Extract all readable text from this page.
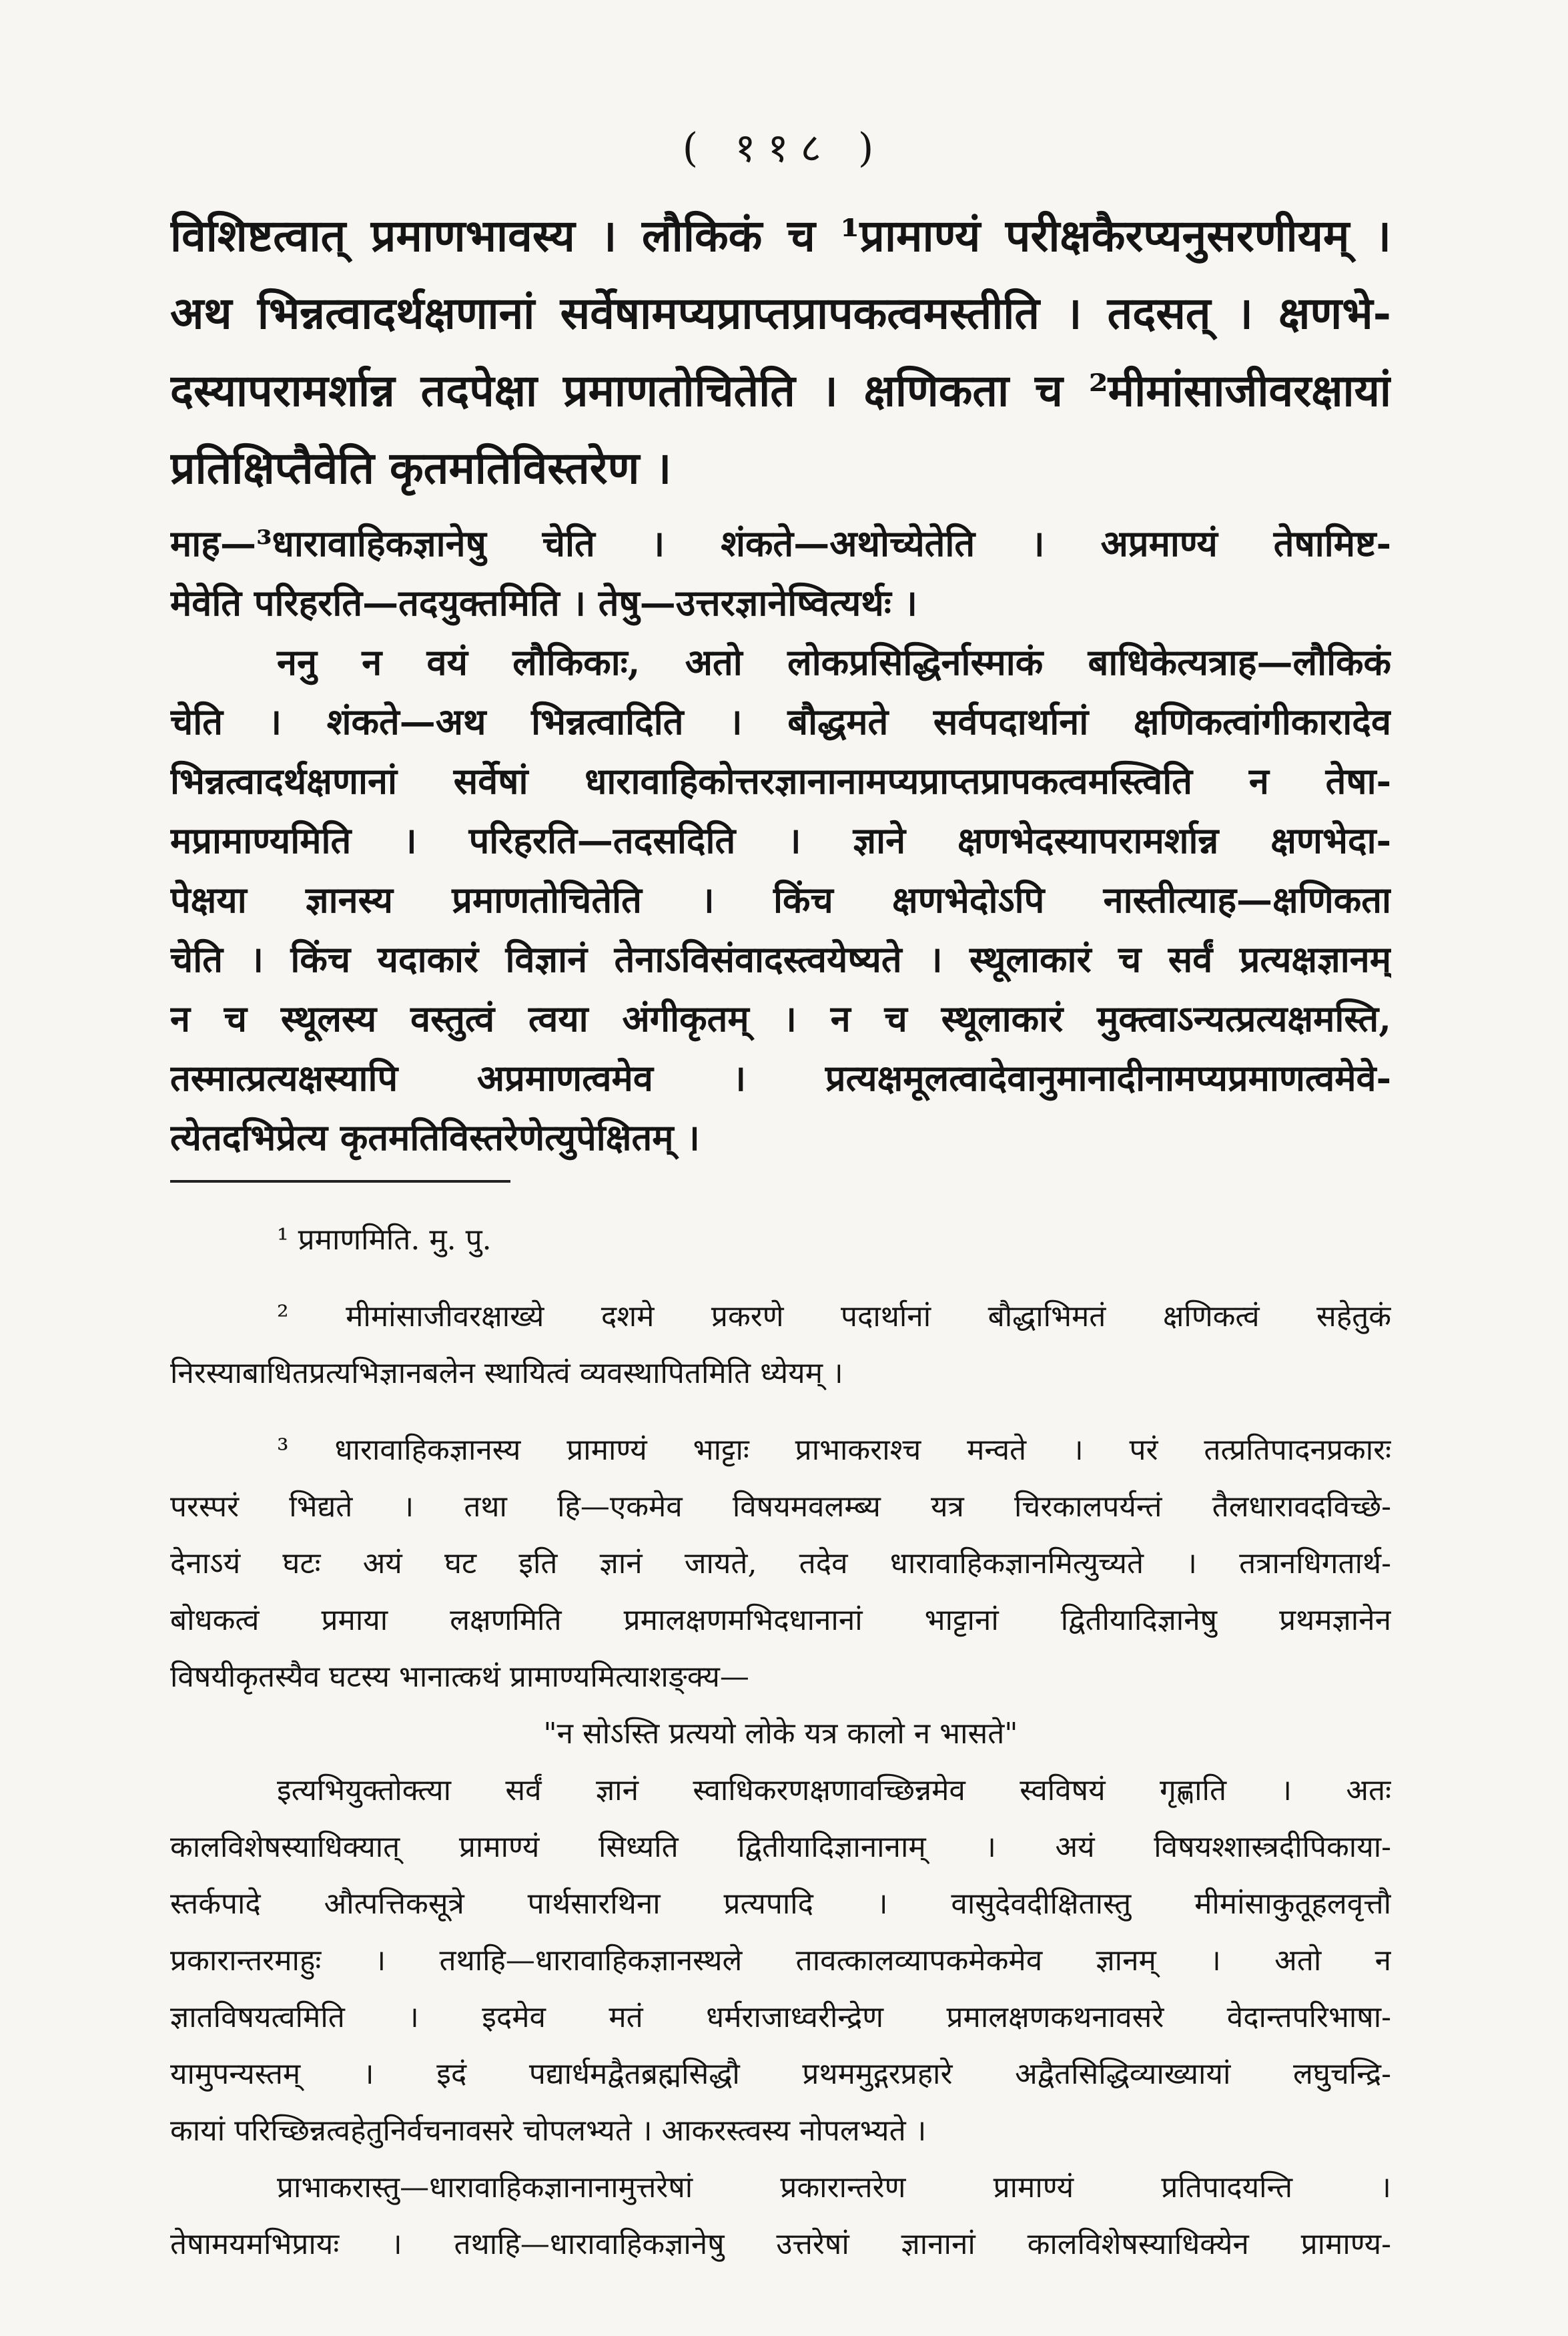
( ११८ )
विशिष्टत्वात् प्रमाणभावस्य । लौकिकं च ¹प्रामाण्यं परीक्षकैरप्यनुसरणीयम् ।
अथ भिन्नत्वादर्थक्षणानां सर्वेषामप्यप्राप्तप्रापकत्वमस्तीति । तदसत् । क्षणभे-
दस्यापरामर्शान्न तदपेक्षा प्रमाणतोचितेति । क्षणिकता च ²मीमांसाजीवरक्षायां
प्रतिक्षिप्तैवेति कृतमतिविस्तरेण ।
माह—³धारावाहिकज्ञानेषु चेति । शंकते—अथोच्येतेति । अप्रमाण्यं तेषामिष्ट-
मेवेति परिहरति—तदयुक्तमिति । तेषु—उत्तरज्ञानेष्वित्यर्थः ।
ननु न वयं लौकिकाः, अतो लोकप्रसिद्धिर्नास्माकं बाधिकेत्यत्राह—लौकिकं
चेति । शंकते—अथ भिन्नत्वादिति । बौद्धमते सर्वपदार्थानां क्षणिकत्वांगीकारादेव
भिन्नत्वादर्थक्षणानां सर्वेषां धारावाहिकोत्तरज्ञानानामप्यप्राप्तप्रापकत्वमस्त्विति न तेषा-
मप्रामाण्यमिति । परिहरति—तदसदिति । ज्ञाने क्षणभेदस्यापरामर्शान्न क्षणभेदा-
पेक्षया ज्ञानस्य प्रमाणतोचितेति । किंच क्षणभेदोऽपि नास्तीत्याह—क्षणिकता
चेति । किंच यदाकारं विज्ञानं तेनाऽविसंवादस्त्वयेष्यते । स्थूलाकारं च सर्वं प्रत्यक्षज्ञानम्
न च स्थूलस्य वस्तुत्वं त्वया अंगीकृतम् । न च स्थूलाकारं मुक्त्वाऽन्यत्प्रत्यक्षमस्ति,
तस्मात्प्रत्यक्षस्यापि अप्रमाणत्वमेव । प्रत्यक्षमूलत्वादेवानुमानादीनामप्यप्रमाणत्वमेवे-
त्येतदभिप्रेत्य कृतमतिविस्तरेणेत्युपेक्षितम् ।
¹ प्रमाणमिति. मु. पु.
² मीमांसाजीवरक्षाख्ये दशमे प्रकरणे पदार्थानां बौद्धाभिमतं क्षणिकत्वं सहेतुकं
निरस्याबाधितप्रत्यभिज्ञानबलेन स्थायित्वं व्यवस्थापितमिति ध्येयम् ।
³ धारावाहिकज्ञानस्य प्रामाण्यं भाट्टाः प्राभाकराश्च मन्वते । परं तत्प्रतिपादनप्रकारः
परस्परं भिद्यते । तथा हि—एकमेव विषयमवलम्ब्य यत्र चिरकालपर्यन्तं तैलधारावदविच्छे-
देनाऽयं घटः अयं घट इति ज्ञानं जायते, तदेव धारावाहिकज्ञानमित्युच्यते । तत्रानधिगतार्थ-
बोधकत्वं प्रमाया लक्षणमिति प्रमालक्षणमभिदधानानां भाट्टानां द्वितीयादिज्ञानेषु प्रथमज्ञानेन
विषयीकृतस्यैव घटस्य भानात्कथं प्रामाण्यमित्याशङ्क्य—
"न सोऽस्ति प्रत्ययो लोके यत्र कालो न भासते"
इत्यभियुक्तोक्त्या सर्वं ज्ञानं स्वाधिकरणक्षणावच्छिन्नमेव स्वविषयं गृह्णाति । अतः
कालविशेषस्याधिक्यात् प्रामाण्यं सिध्यति द्वितीयादिज्ञानानाम् । अयं विषयश्शास्त्रदीपिकाया-
स्तर्कपादे औत्पत्तिकसूत्रे पार्थसारथिना प्रत्यपादि । वासुदेवदीक्षितास्तु मीमांसाकुतूहलवृत्तौ
प्रकारान्तरमाहुः । तथाहि—धारावाहिकज्ञानस्थले तावत्कालव्यापकमेकमेव ज्ञानम् । अतो न
ज्ञातविषयत्वमिति । इदमेव मतं धर्मराजाध्वरीन्द्रेण प्रमालक्षणकथनावसरे वेदान्तपरिभाषा-
यामुपन्यस्तम् । इदं पद्यार्धमद्वैतब्रह्मसिद्धौ प्रथममुद्गरप्रहारे अद्वैतसिद्धिव्याख्यायां लघुचन्द्रि-
कायां परिच्छिन्नत्वहेतुनिर्वचनावसरे चोपलभ्यते । आकरस्त्वस्य नोपलभ्यते ।
प्राभाकरास्तु—धारावाहिकज्ञानानामुत्तरेषां प्रकारान्तरेण प्रामाण्यं प्रतिपादयन्ति ।
तेषामयमभिप्रायः । तथाहि—धारावाहिकज्ञानेषु उत्तरेषां ज्ञानानां कालविशेषस्याधिक्येन प्रामाण्य-
